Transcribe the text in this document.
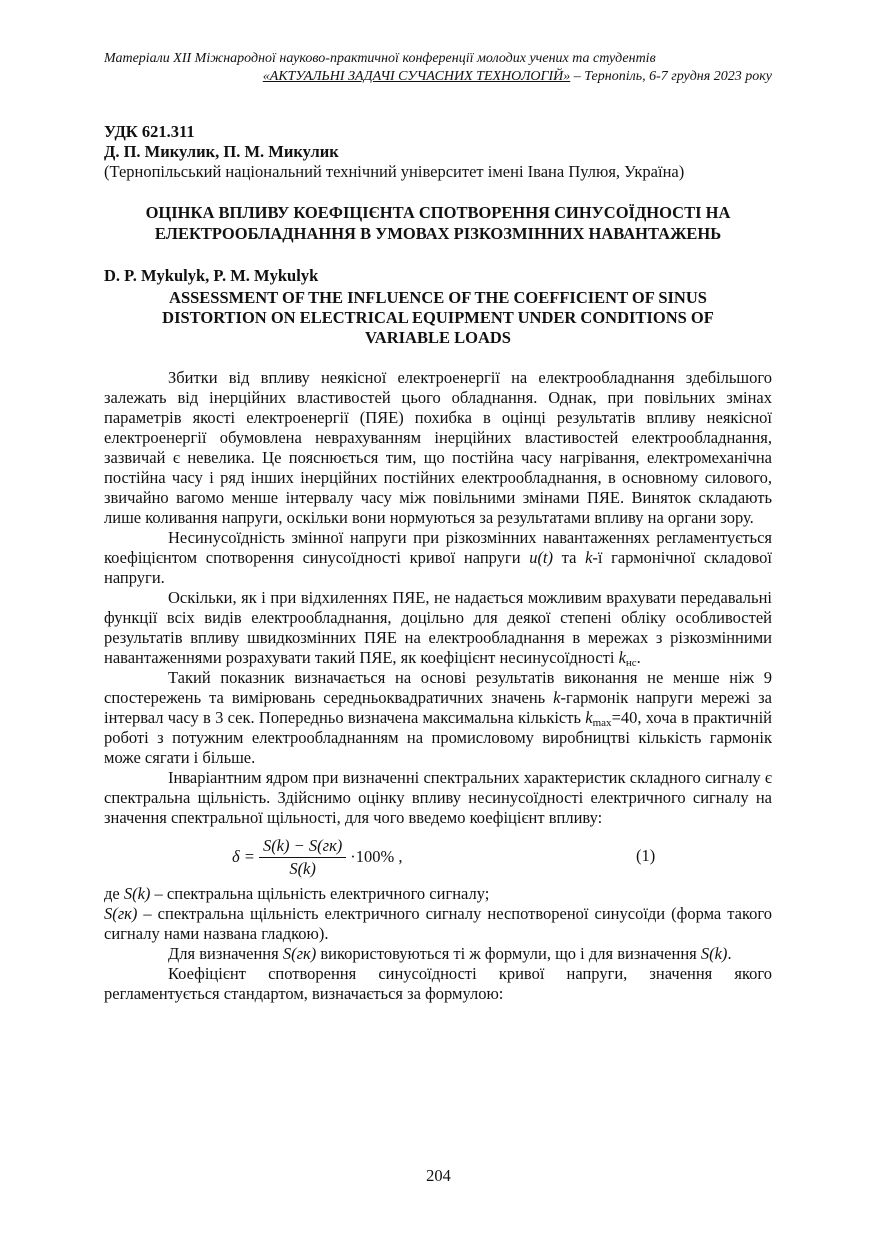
Матеріали XII Міжнародної науково-практичної конференції молодих учених та студентів
«АКТУАЛЬНІ ЗАДАЧІ СУЧАСНИХ ТЕХНОЛОГІЙ» – Тернопіль, 6-7 грудня 2023 року
УДК 621.311
Д. П. Микулик, П. М. Микулик
(Тернопільський національний технічний університет імені Івана Пулюя, Україна)
ОЦІНКА ВПЛИВУ КОЕФІЦІЄНТА СПОТВОРЕННЯ СИНУСОЇДНОСТІ НА
ЕЛЕКТРООБЛАДНАННЯ В УМОВАХ РІЗКОЗМІННИХ НАВАНТАЖЕНЬ
D. P. Mykulyk, P. M. Mykulyk
ASSESSMENT OF THE INFLUENCE OF THE COEFFICIENT OF SINUS
DISTORTION ON ELECTRICAL EQUIPMENT UNDER CONDITIONS OF
VARIABLE LOADS

Збитки від впливу неякісної електроенергії на електрообладнання здебільшого залежать від інерційних властивостей цього обладнання. Однак, при повільних змінах параметрів якості електроенергії (ПЯЕ) похибка в оцінці результатів впливу неякісної електроенергії обумовлена неврахуванням інерційних властивостей електрообладнання, зазвичай є невелика. Це пояснюється тим, що постійна часу нагрівання, електромеханічна постійна часу і ряд інших інерційних постійних електрообладнання, в основному силового, звичайно вагомо менше інтервалу часу між повільними змінами ПЯЕ. Виняток складають лише коливання напруги, оскільки вони нормуються за результатами впливу на органи зору.

Несинусоїдність змінної напруги при різкозмінних навантаженнях регламентується коефіцієнтом спотворення синусоїдності кривої напруги u(t) та k-ї гармонічної складової напруги.

Оскільки, як і при відхиленнях ПЯЕ, не надається можливим врахувати передавальні функції всіх видів електрообладнання, доцільно для деякої степені обліку особливостей результатів впливу швидкозмінних ПЯЕ на електрообладнання в мережах з різкозмінними навантаженнями розрахувати такий ПЯЕ, як коефіцієнт несинусоїдності $k_{нс}$.

Такий показник визначається на основі результатів виконання не менше ніж 9 спостережень та вимірювань середньоквадратичних значень k-гармонік напруги мережі за інтервал часу в 3 сек. Попередньо визначена максимальна кількість $k_{max}=40$, хоча в практичній роботі з потужним електрообладнанням на промисловому виробництві кількість гармонік може сягати і більше.

Інваріантним ядром при визначенні спектральних характеристик складного сигналу є спектральна щільність. Здійснимо оцінку впливу несинусоїдності електричного сигналу на значення спектральної щільності, для чого введемо коефіцієнт впливу:

$\delta = \frac{S(k) - S(гк)}{S(k)} \cdot 100\%$ ,	(1)

де S(k) – спектральна щільність електричного сигналу;

S(гк) – спектральна щільність електричного сигналу неспотвореної синусоїди (форма такого сигналу нами названа гладкою).

Для визначення S(гк) використовуються ті ж формули, що і для визначення S(k).

Коефіцієнт спотворення синусоїдності кривої напруги, значення якого регламентується стандартом, визначається за формулою:

204
